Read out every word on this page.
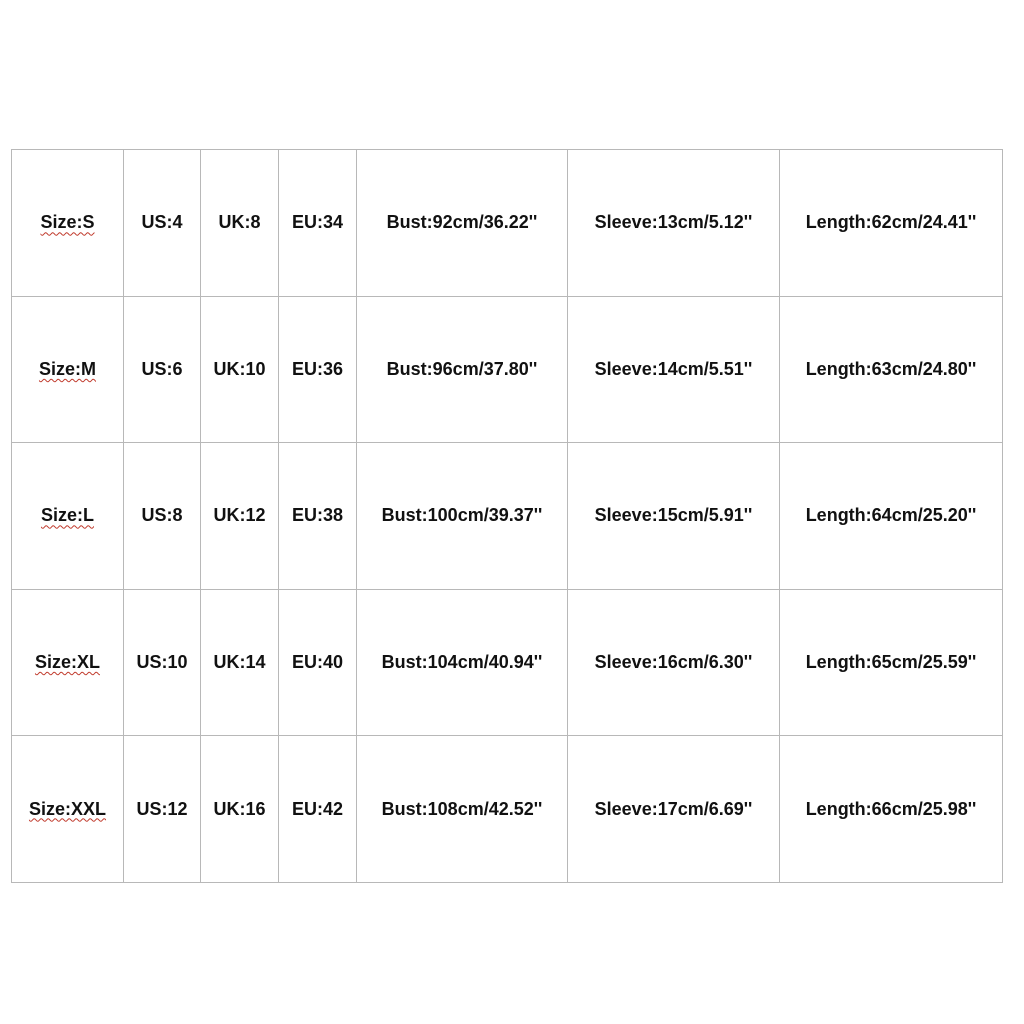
Size:S	US:4	UK:8	EU:34	Bust:92cm/36.22''	Sleeve:13cm/5.12''	Length:62cm/24.41''
Size:M	US:6	UK:10	EU:36	Bust:96cm/37.80''	Sleeve:14cm/5.51''	Length:63cm/24.80''
Size:L	US:8	UK:12	EU:38	Bust:100cm/39.37''	Sleeve:15cm/5.91''	Length:64cm/25.20''
Size:XL	US:10	UK:14	EU:40	Bust:104cm/40.94''	Sleeve:16cm/6.30''	Length:65cm/25.59''
Size:XXL	US:12	UK:16	EU:42	Bust:108cm/42.52''	Sleeve:17cm/6.69''	Length:66cm/25.98''
